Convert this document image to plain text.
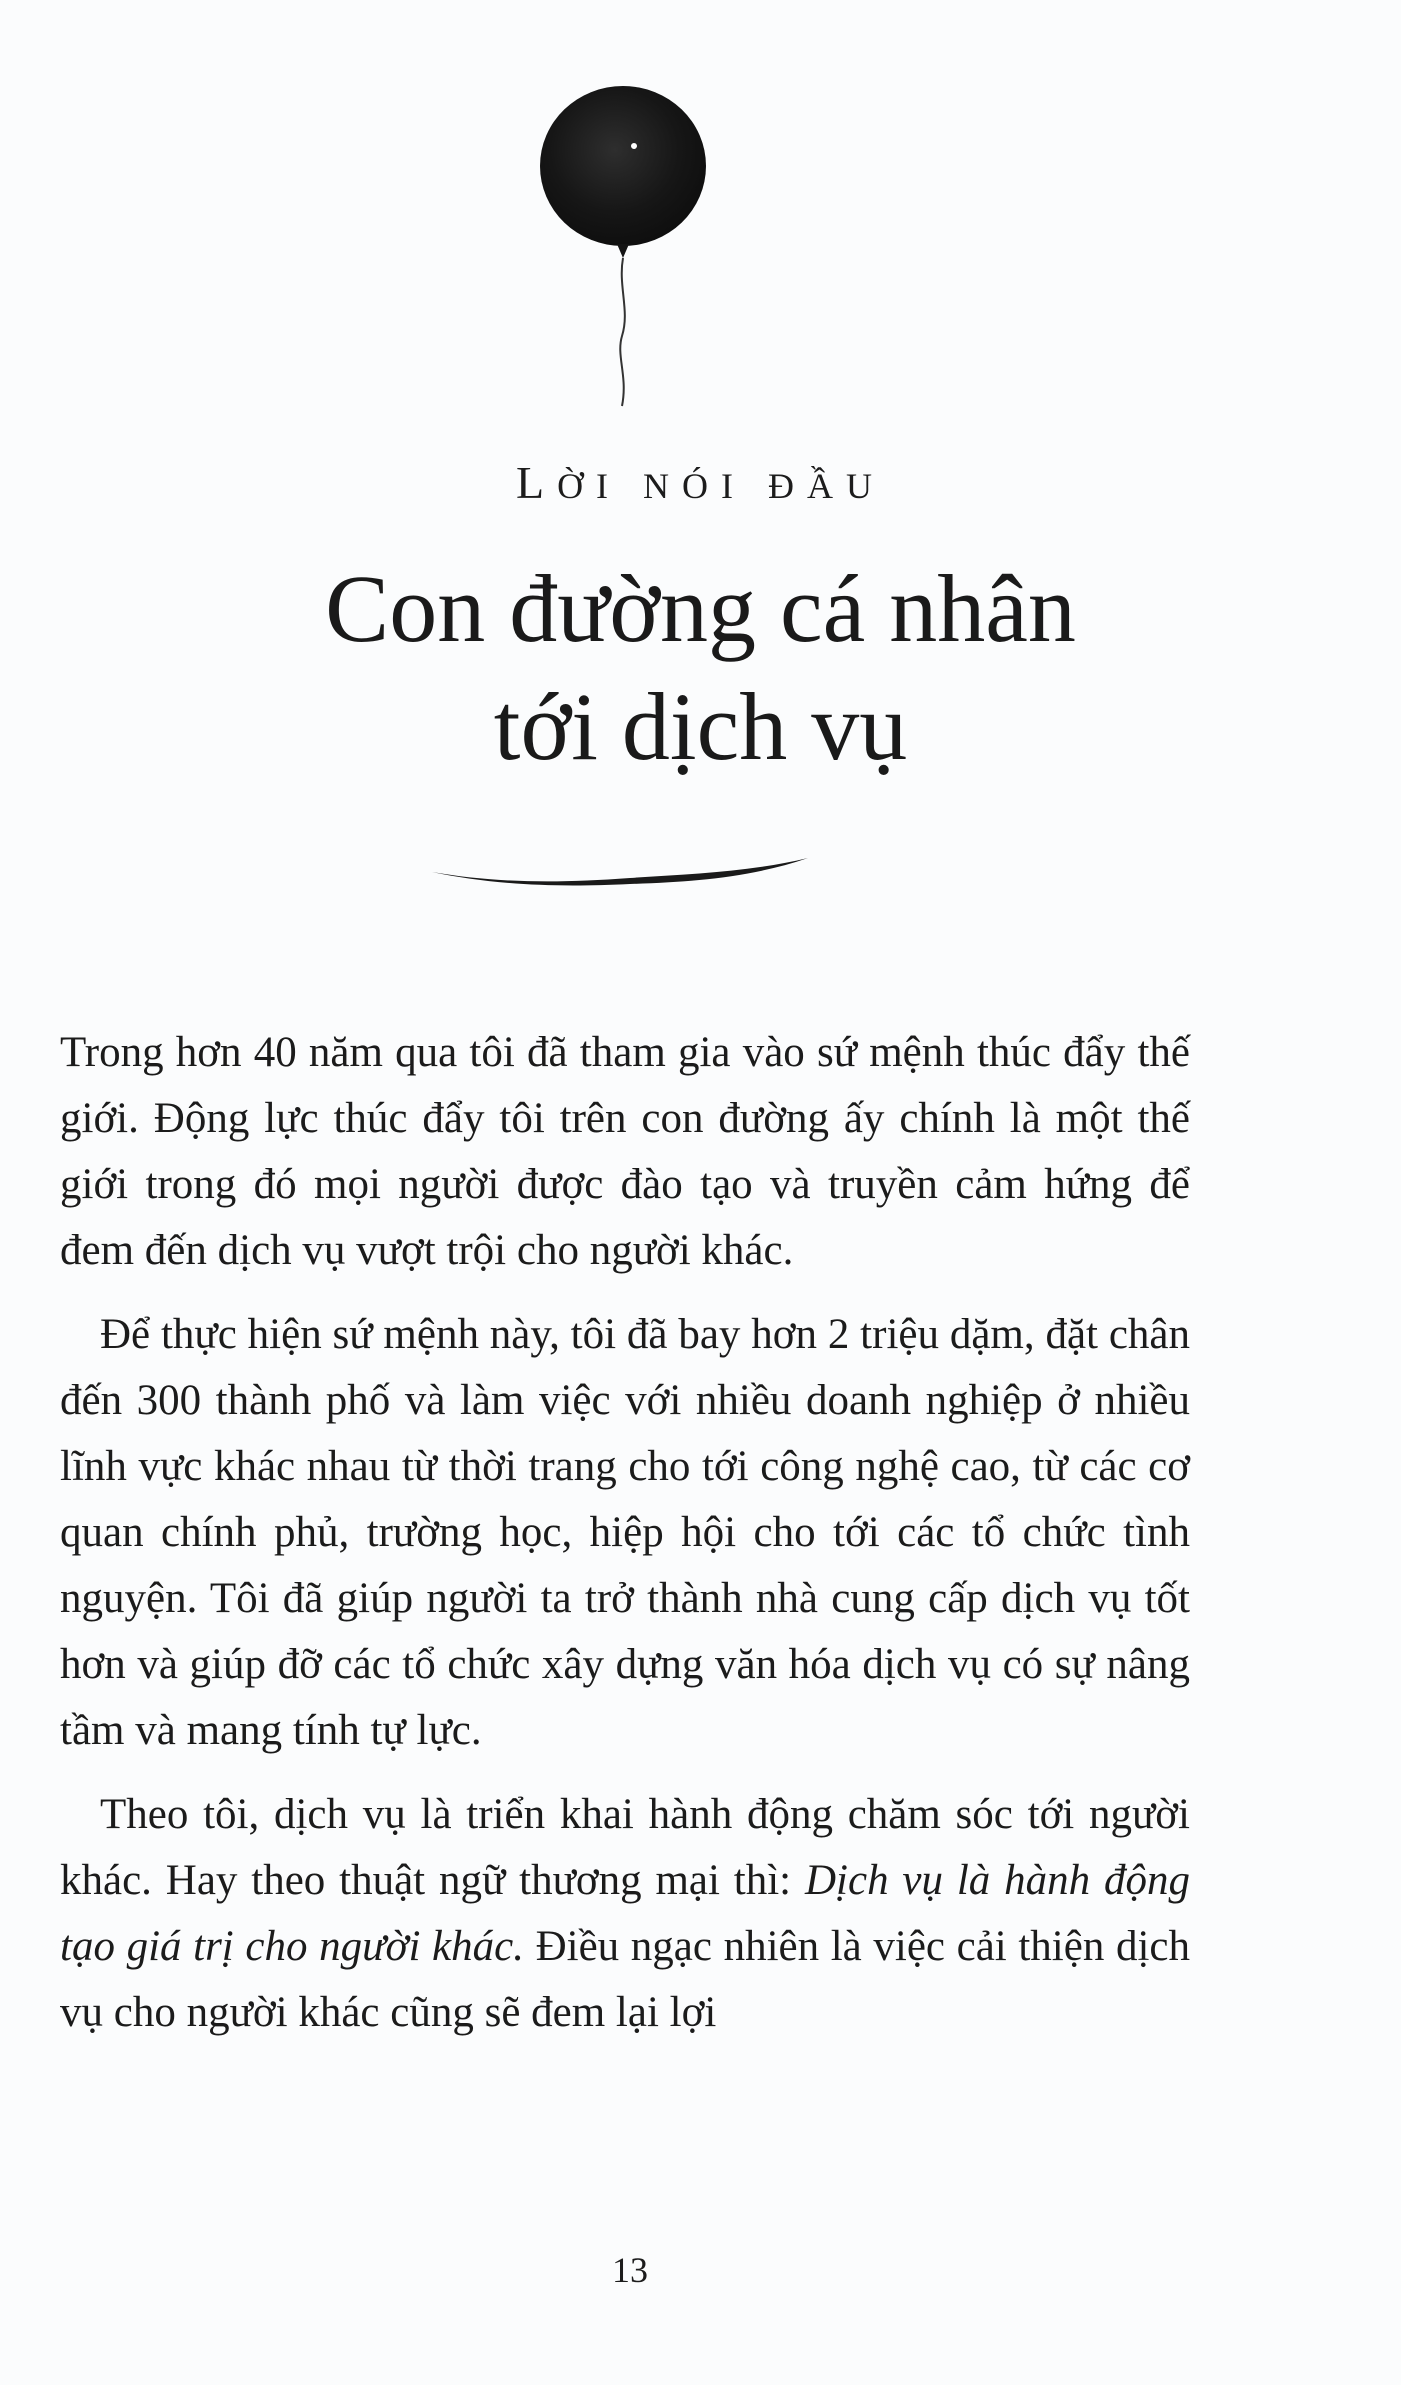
LỜI NÓI ĐẦU
Con đường cá nhân
tới dịch vụ

Trong hơn 40 năm qua tôi đã tham gia vào sứ mệnh thúc đẩy thế giới. Động lực thúc đẩy tôi trên con đường ấy chính là một thế giới trong đó mọi người được đào tạo và truyền cảm hứng để đem đến dịch vụ vượt trội cho người khác.

Để thực hiện sứ mệnh này, tôi đã bay hơn 2 triệu dặm, đặt chân đến 300 thành phố và làm việc với nhiều doanh nghiệp ở nhiều lĩnh vực khác nhau từ thời trang cho tới công nghệ cao, từ các cơ quan chính phủ, trường học, hiệp hội cho tới các tổ chức tình nguyện. Tôi đã giúp người ta trở thành nhà cung cấp dịch vụ tốt hơn và giúp đỡ các tổ chức xây dựng văn hóa dịch vụ có sự nâng tầm và mang tính tự lực.

Theo tôi, dịch vụ là triển khai hành động chăm sóc tới người khác. Hay theo thuật ngữ thương mại thì: Dịch vụ là hành động tạo giá trị cho người khác. Điều ngạc nhiên là việc cải thiện dịch vụ cho người khác cũng sẽ đem lại lợi

13
